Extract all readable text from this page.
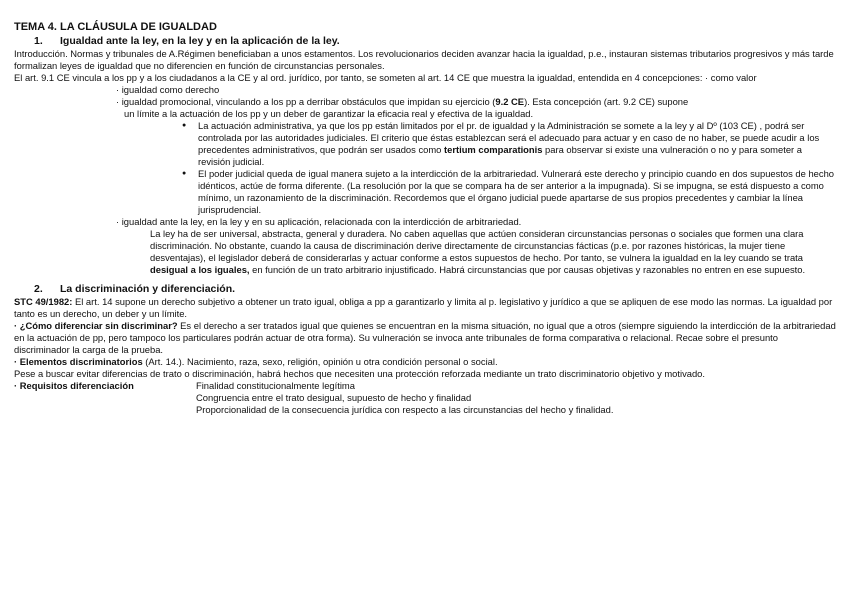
TEMA 4. LA CLÁUSULA DE IGUALDAD

1. Igualdad ante la ley, en la ley y en la aplicación de la ley.

Introducción. Normas y tribunales de A.Régimen beneficiaban a unos estamentos. Los revolucionarios deciden avanzar hacia la igualdad, p.e., instauran sistemas tributarios progresivos y más tarde formalizan leyes de igualdad que no diferencien en función de circunstancias personales.

El art. 9.1 CE vincula a los pp y a los ciudadanos a la CE y al ord. jurídico, por tanto, se someten al art. 14 CE que muestra la igualdad, entendida en 4 concepciones: · como valor

· igualdad como derecho

· igualdad promocional, vinculando a los pp a derribar obstáculos que impidan su ejercicio (9.2 CE). Esta concepción (art. 9.2 CE) supone

un límite a la actuación de los pp y un deber de garantizar la eficacia real y efectiva de la igualdad.

● La actuación administrativa, ya que los pp están limitados por el pr. de igualdad y la Administración se somete a la ley y al Dº (103 CE) , podrá ser controlada por las autoridades judiciales. El criterio que éstas establezcan será el adecuado para actuar y en caso de no haber, se puede acudir a los precedentes administrativos, que podrán ser usados como tertium comparationis para observar si existe una vulneración o no y para someter a revisión judicial.
● El poder judicial queda de igual manera sujeto a la interdicción de la arbitrariedad. Vulnerará este derecho y principio cuando en dos supuestos de hecho idénticos, actúe de forma diferente. (La resolución por la que se compara ha de ser anterior a la impugnada). Si se impugna, se está dispuesto a como mínimo, un razonamiento de la discriminación. Recordemos que el órgano judicial puede apartarse de sus propios precedentes y cambiar la línea jurisprudencial.

· igualdad ante la ley, en la ley y en su aplicación, relacionada con la interdicción de arbitrariedad.

La ley ha de ser universal, abstracta, general y duradera. No caben aquellas que actúen consideran circunstancias personas o sociales que formen una clara discriminación. No obstante, cuando la causa de discriminación derive directamente de circunstancias fácticas (p.e. por razones históricas, la mujer tiene desventajas), el legislador deberá de considerarlas y actuar conforme a estos supuestos de hecho. Por tanto, se vulnera la igualdad en la ley cuando se trata desigual a los iguales, en función de un trato arbitrario injustificado. Habrá circunstancias que por causas objetivas y razonables no entren en ese supuesto.

2. La discriminación y diferenciación.

STC 49/1982: El art. 14 supone un derecho subjetivo a obtener un trato igual, obliga a pp a garantizarlo y limita al p. legislativo y jurídico a que se apliquen de ese modo las normas. La igualdad por tanto es un derecho, un deber y un límite.

· ¿Cómo diferenciar sin discriminar? Es el derecho a ser tratados igual que quienes se encuentran en la misma situación, no igual que a otros (siempre siguiendo la interdicción de la arbitrariedad en la actuación de pp, pero tampoco los particulares podrán actuar de otra forma). Su vulneración se invoca ante tribunales de forma comparativa o relacional. Recae sobre el presunto discriminador la carga de la prueba.

· Elementos discriminatorios (Art. 14.). Nacimiento, raza, sexo, religión, opinión u otra condición personal o social.

Pese a buscar evitar diferencias de trato o discriminación, habrá hechos que necesiten una protección reforzada mediante un trato discriminatorio objetivo y motivado.

· Requisitos diferenciación	Finalidad constitucionalmente legítima
Congruencia entre el trato desigual, supuesto de hecho y finalidad
Proporcionalidad de la consecuencia jurídica con respecto a las circunstancias del hecho y finalidad.
